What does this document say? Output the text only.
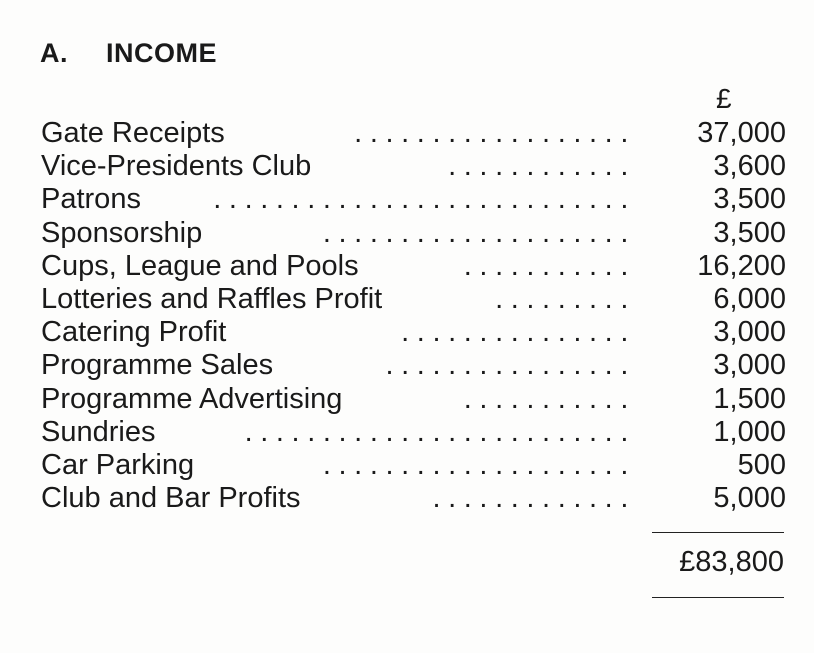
A. INCOME
£
Gate Receipts	.................. 37,000
Vice-Presidents Club	............	3,600
Patrons ...........................	3,500
Sponsorship	....................	3,500
Cups, League and Pools	........... 16,200
Lotteries and Raffles Profit	.........	6,000
Catering Profit	...............	3,000
Programme Sales	................	3,000
Programme Advertising	...........	1,500
Sundries	.........................	1,000
Car Parking	....................	500
Club and Bar Profits	.............	5,000
£83,800
